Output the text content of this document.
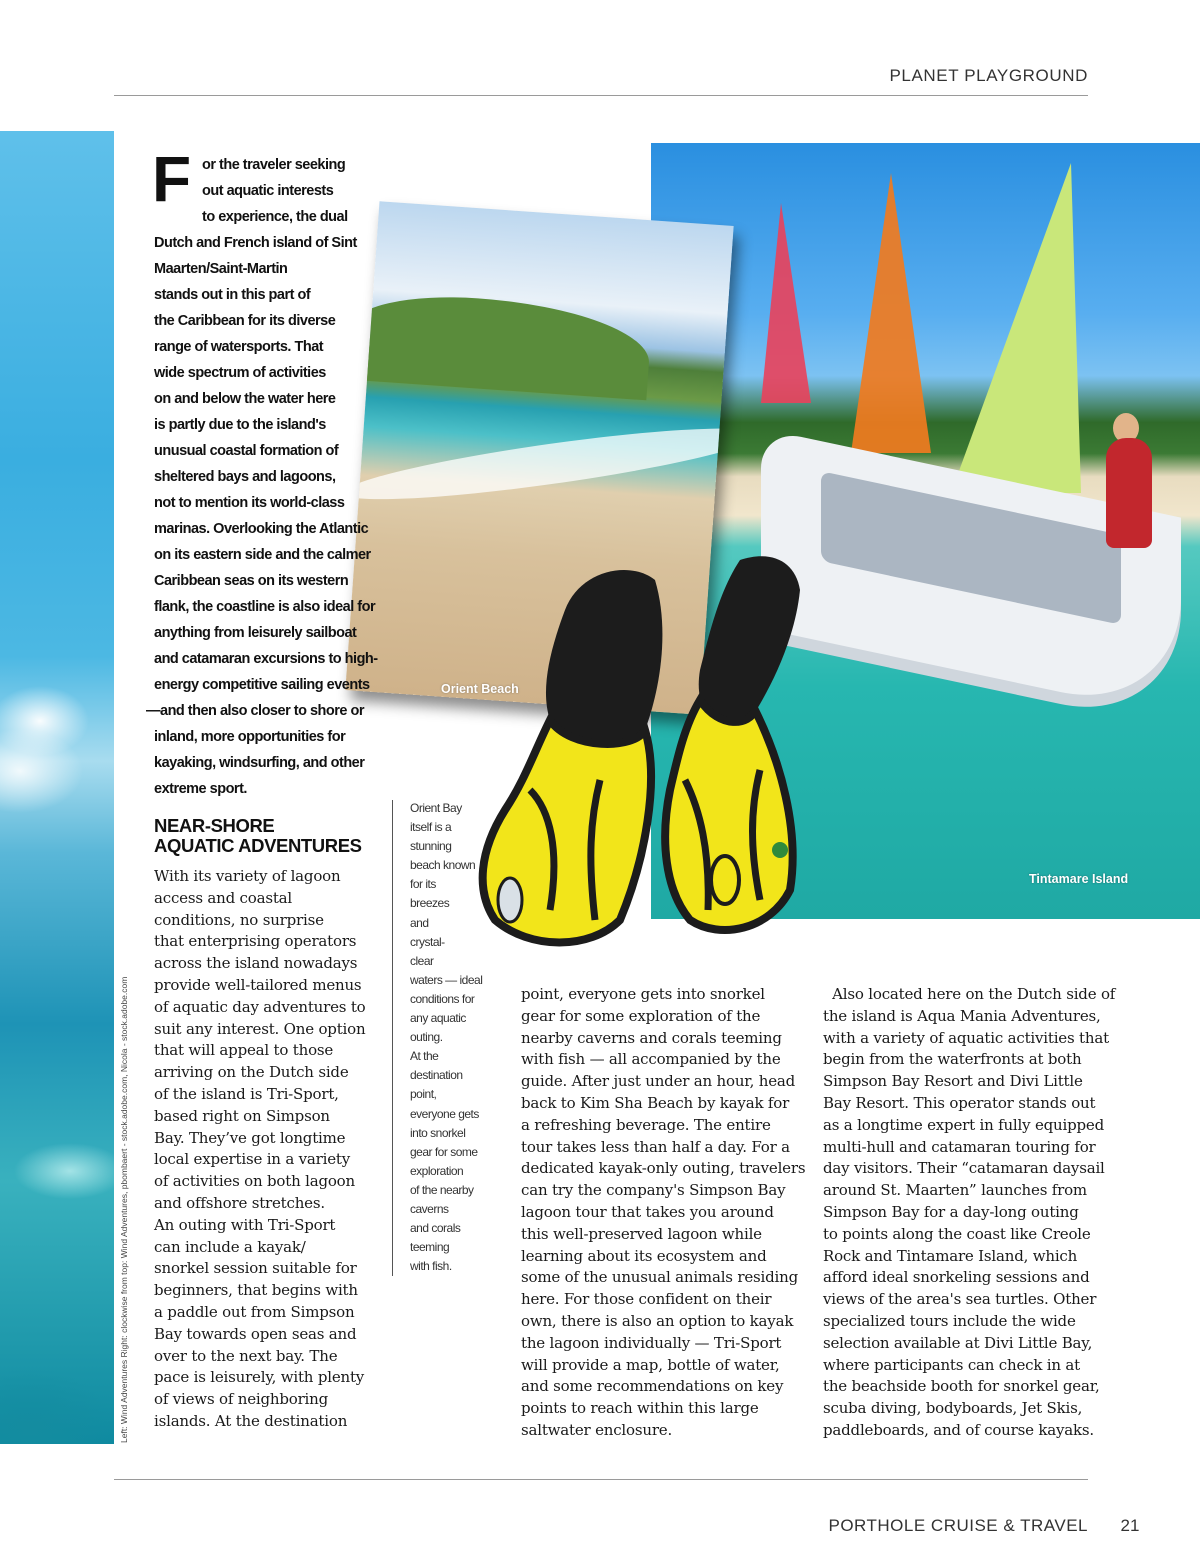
PLANET PLAYGROUND
PORTHOLE CRUISE & TRAVEL	21
Left: Wind Adventures Right: clockwise from top: Wind Adventures, pbombaert - stock.adobe.com, Nicola - stock.adobe.com
Tintamare Island
Orient Beach
F or the traveler seeking
out aquatic interests
to experience, the dual
Dutch and French island of Sint
Maarten/Saint-Martin
stands out in this part of
the Caribbean for its diverse
range of watersports. That
wide spectrum of activities
on and below the water here
is partly due to the island's
unusual coastal formation of
sheltered bays and lagoons,
not to mention its world-class
marinas. Overlooking the Atlantic
on its eastern side and the calmer
Caribbean seas on its western
flank, the coastline is also ideal for
anything from leisurely sailboat
and catamaran excursions to high-
energy competitive sailing events
—and then also closer to shore or
inland, more opportunities for
kayaking, windsurfing, and other
extreme sport.
NEAR-SHORE
AQUATIC ADVENTURES
With its variety of lagoon
access and coastal
conditions, no surprise
that enterprising operators
across the island nowadays
provide well-tailored menus
of aquatic day adventures to
suit any interest. One option
that will appeal to those
arriving on the Dutch side
of the island is Tri-Sport,
based right on Simpson
Bay. They’ve got longtime
local expertise in a variety
of activities on both lagoon
and offshore stretches.
An outing with Tri-Sport
can include a kayak/
snorkel session suitable for
beginners, that begins with
a paddle out from Simpson
Bay towards open seas and
over to the next bay. The
pace is leisurely, with plenty
of views of neighboring
islands. At the destination
Orient Bay
itself is a
stunning
beach known
for its
breezes
and
crystal-
clear
waters — ideal
conditions for
any aquatic
outing.
At the
destination
point,
everyone gets
into snorkel
gear for some
exploration
of the nearby
caverns
and corals
teeming
with fish.
point, everyone gets into snorkel
gear for some exploration of the
nearby caverns and corals teeming
with fish — all accompanied by the
guide. After just under an hour, head
back to Kim Sha Beach by kayak for
a refreshing beverage. The entire
tour takes less than half a day. For a
dedicated kayak-only outing, travelers
can try the company's Simpson Bay
lagoon tour that takes you around
this well-preserved lagoon while
learning about its ecosystem and
some of the unusual animals residing
here. For those confident on their
own, there is also an option to kayak
the lagoon individually — Tri-Sport
will provide a map, bottle of water,
and some recommendations on key
points to reach within this large
saltwater enclosure.
Also located here on the Dutch side of
the island is Aqua Mania Adventures,
with a variety of aquatic activities that
begin from the waterfronts at both
Simpson Bay Resort and Divi Little
Bay Resort. This operator stands out
as a longtime expert in fully equipped
multi-hull and catamaran touring for
day visitors. Their “catamaran daysail
around St. Maarten” launches from
Simpson Bay for a day-long outing
to points along the coast like Creole
Rock and Tintamare Island, which
afford ideal snorkeling sessions and
views of the area's sea turtles. Other
specialized tours include the wide
selection available at Divi Little Bay,
where participants can check in at
the beachside booth for snorkel gear,
scuba diving, bodyboards, Jet Skis,
paddleboards, and of course kayaks.
